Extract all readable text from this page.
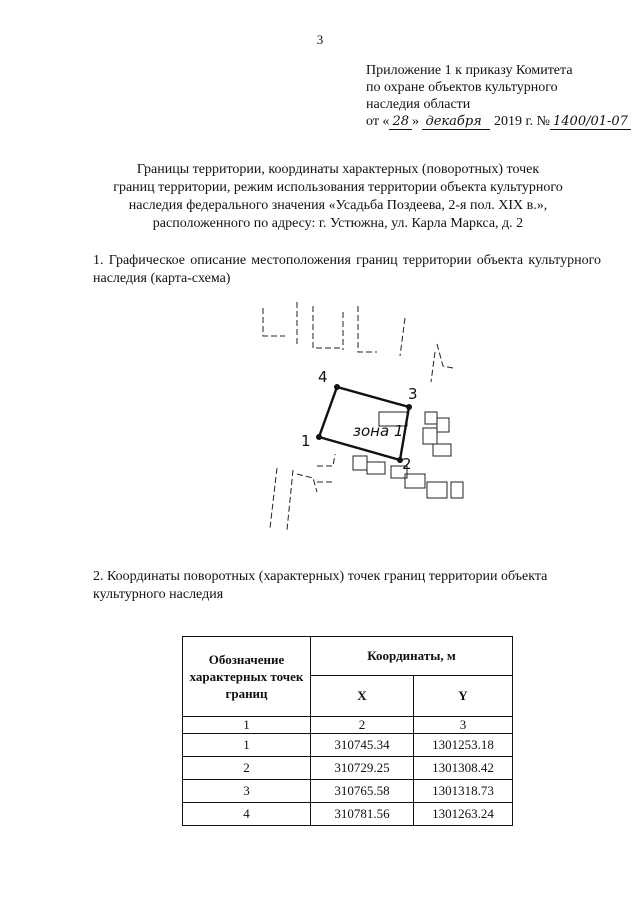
3
Приложение 1 к приказу Комитета
по охране объектов культурного
наследия области
от « 28 » декабря 2019 г. № 1400/01-07
Границы территории, координаты характерных (поворотных) точек
границ территории, режим использования территории объекта культурного
наследия федерального значения «Усадьба Поздеева, 2-я пол. XIX в.»,
расположенного по адресу: г. Устюжна, ул. Карла Маркса, д. 2
1. Графическое описание местоположения границ территории объекта культурного наследия (карта-схема)
1
2
3
4
зона 1
2. Координаты поворотных (характерных) точек границ территории объекта культурного наследия
Обозначение характерных точек границ	Координаты, м	
	X	Y
1	2	3
1	310745.34	1301253.18
2	310729.25	1301308.42
3	310765.58	1301318.73
4	310781.56	1301263.24
